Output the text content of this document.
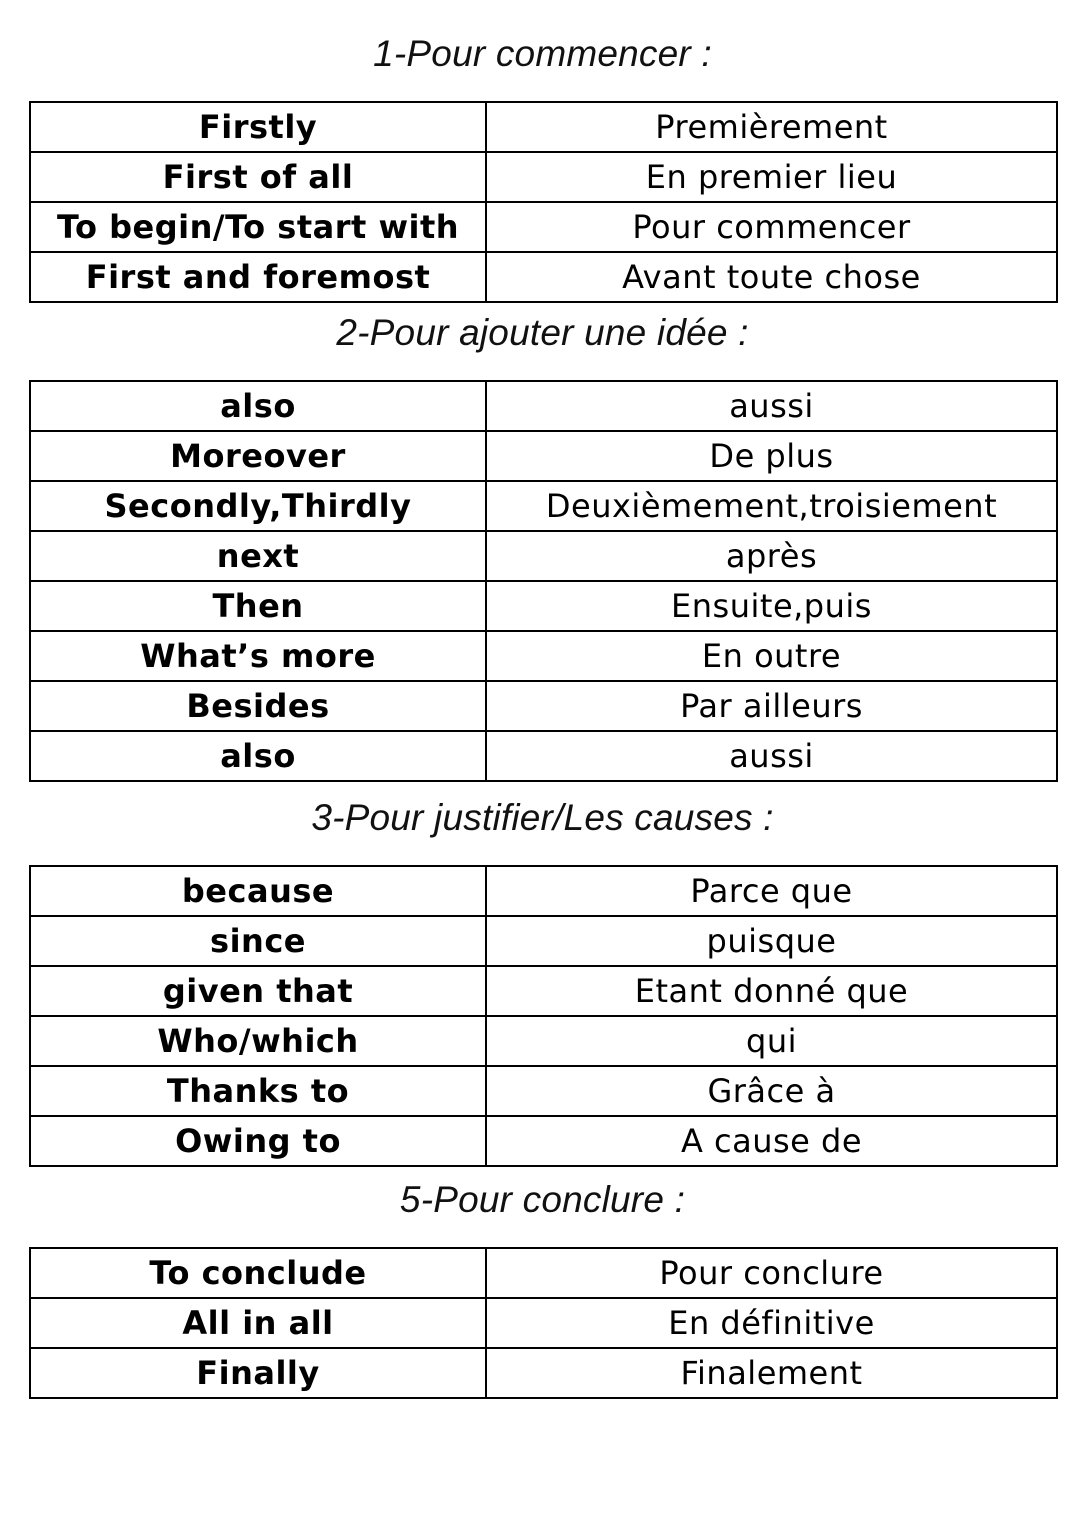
1-Pour commencer :
Firstly	Premièrement
First of all	En premier lieu
To begin/To start with	Pour commencer
First and foremost	Avant toute chose
2-Pour ajouter une idée :
also	aussi
Moreover	De plus
Secondly,Thirdly	Deuxièmement,troisiement
next	après
Then	Ensuite,puis
What’s more	En outre
Besides	Par ailleurs
also	aussi
3-Pour justifier/Les causes :
because	Parce que
since	puisque
given that	Etant donné que
Who/which	qui
Thanks to	Grâce à
Owing to	A cause de
5-Pour conclure :
To conclude	Pour conclure
All in all	En définitive
Finally	Finalement
